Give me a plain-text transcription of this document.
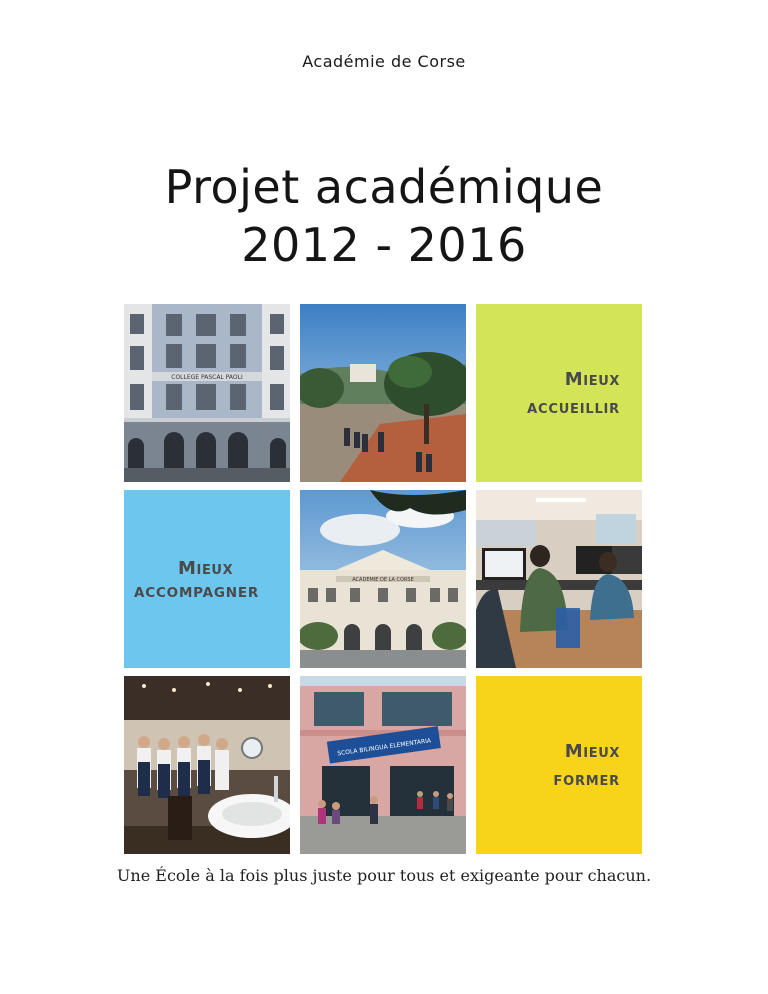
Académie de Corse
Projet académique
2012 - 2016
COLLEGE PASCAL PAOLI	Mieux
ACCUEILLIR
Mieux
ACCOMPAGNER
ACADEMIE DE LA CORSE
SCOLA BILINGUA ELEMENTARIA	Mieux
FORMER
Une École à la fois plus juste pour tous et exigeante pour chacun.
